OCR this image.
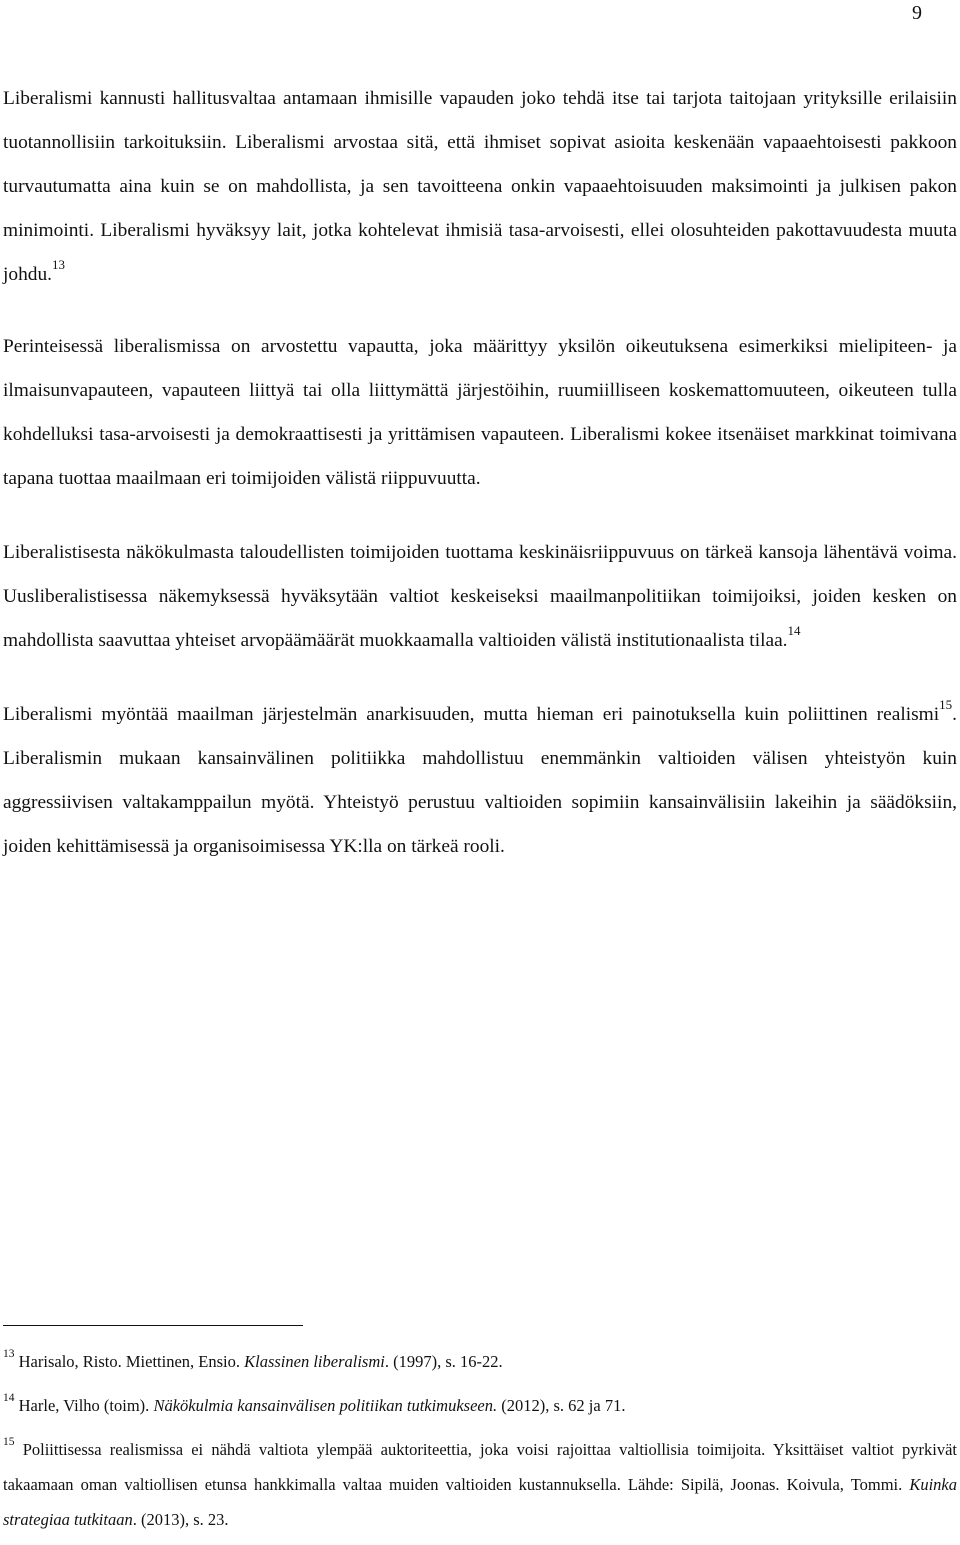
9

Liberalismi kannusti hallitusvaltaa antamaan ihmisille vapauden joko tehdä itse tai tarjota taitojaan yrityksille erilaisiin tuotannollisiin tarkoituksiin. Liberalismi arvostaa sitä, että ihmiset sopivat asioita keskenään vapaaehtoisesti pakkoon turvautumatta aina kuin se on mahdollista, ja sen tavoitteena onkin vapaaehtoisuuden maksimointi ja julkisen pakon minimointi. Liberalismi hyväksyy lait, jotka kohtelevat ihmisiä tasa-arvoisesti, ellei olosuhteiden pakottavuudesta muuta johdu.$^{13}$

Perinteisessä liberalismissa on arvostettu vapautta, joka määrittyy yksilön oikeutuksena esimerkiksi mielipiteen- ja ilmaisunvapauteen, vapauteen liittyä tai olla liittymättä järjestöihin, ruumiilliseen koskemattomuuteen, oikeuteen tulla kohdelluksi tasa-arvoisesti ja demokraattisesti ja yrittämisen vapauteen. Liberalismi kokee itsenäiset markkinat toimivana tapana tuottaa maailmaan eri toimijoiden välistä riippuvuutta.

Liberalistisesta näkökulmasta taloudellisten toimijoiden tuottama keskinäisriippuvuus on tärkeä kansoja lähentävä voima. Uusliberalistisessa näkemyksessä hyväksytään valtiot keskeiseksi maailmanpolitiikan toimijoiksi, joiden kesken on mahdollista saavuttaa yhteiset arvopäämäärät muokkaamalla valtioiden välistä institutionaalista tilaa.$^{14}$

Liberalismi myöntää maailman järjestelmän anarkisuuden, mutta hieman eri painotuksella kuin poliittinen realismi$^{15}$. Liberalismin mukaan kansainvälinen politiikka mahdollistuu enemmänkin valtioiden välisen yhteistyön kuin aggressiivisen valtakamppailun myötä. Yhteistyö perustuu valtioiden sopimiin kansainvälisiin lakeihin ja säädöksiin, joiden kehittämisessä ja organisoimisessa YK:lla on tärkeä rooli.

$^{13}$ Harisalo, Risto. Miettinen, Ensio. Klassinen liberalismi. (1997), s. 16-22.

$^{14}$ Harle, Vilho (toim). Näkökulmia kansainvälisen politiikan tutkimukseen. (2012), s. 62 ja 71.

$^{15}$ Poliittisessa realismissa ei nähdä valtiota ylempää auktoriteettia, joka voisi rajoittaa valtiollisia toimijoita. Yksittäiset valtiot pyrkivät takaamaan oman valtiollisen etunsa hankkimalla valtaa muiden valtioiden kustannuksella. Lähde: Sipilä, Joonas. Koivula, Tommi. Kuinka strategiaa tutkitaan. (2013), s. 23.
